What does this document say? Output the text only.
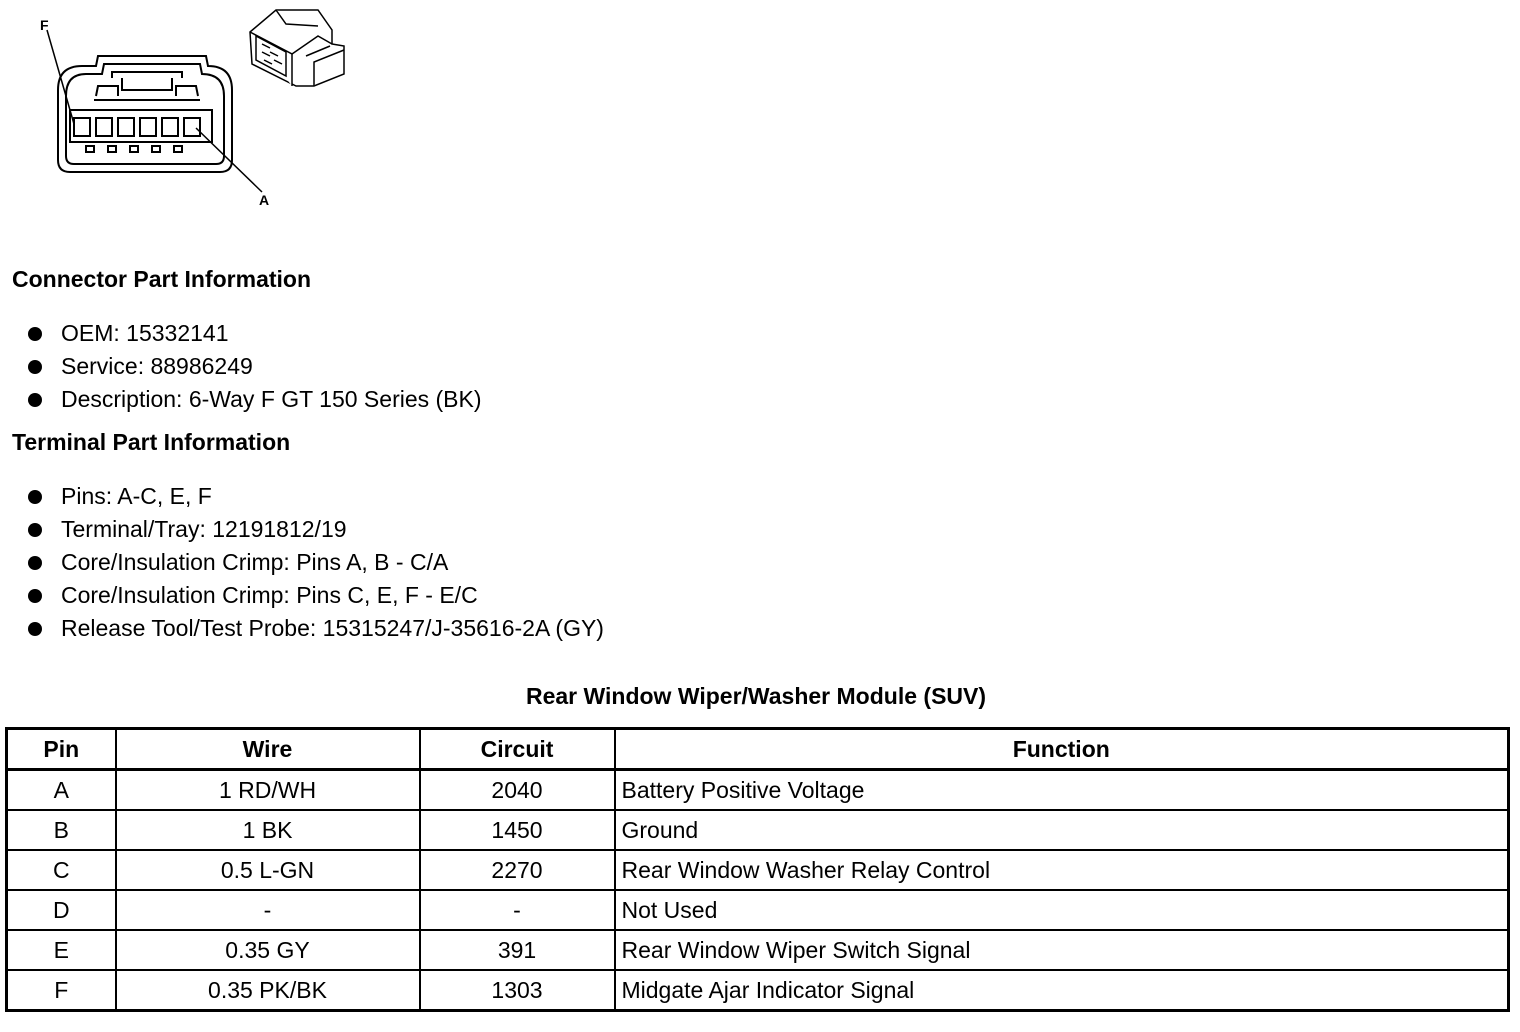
F
A
Connector Part Information
OEM: 15332141
Service: 88986249
Description: 6-Way F GT 150 Series (BK)
Terminal Part Information
Pins: A-C, E, F
Terminal/Tray: 12191812/19
Core/Insulation Crimp: Pins A, B - C/A
Core/Insulation Crimp: Pins C, E, F - E/C
Release Tool/Test Probe: 15315247/J-35616-2A (GY)
Rear Window Wiper/Washer Module (SUV)
Pin	Wire	Circuit	Function
A	1 RD/WH	2040	Battery Positive Voltage
B	1 BK	1450	Ground
C	0.5 L-GN	2270	Rear Window Washer Relay Control
D	-	-	Not Used
E	0.35 GY	391	Rear Window Wiper Switch Signal
F	0.35 PK/BK	1303	Midgate Ajar Indicator Signal
